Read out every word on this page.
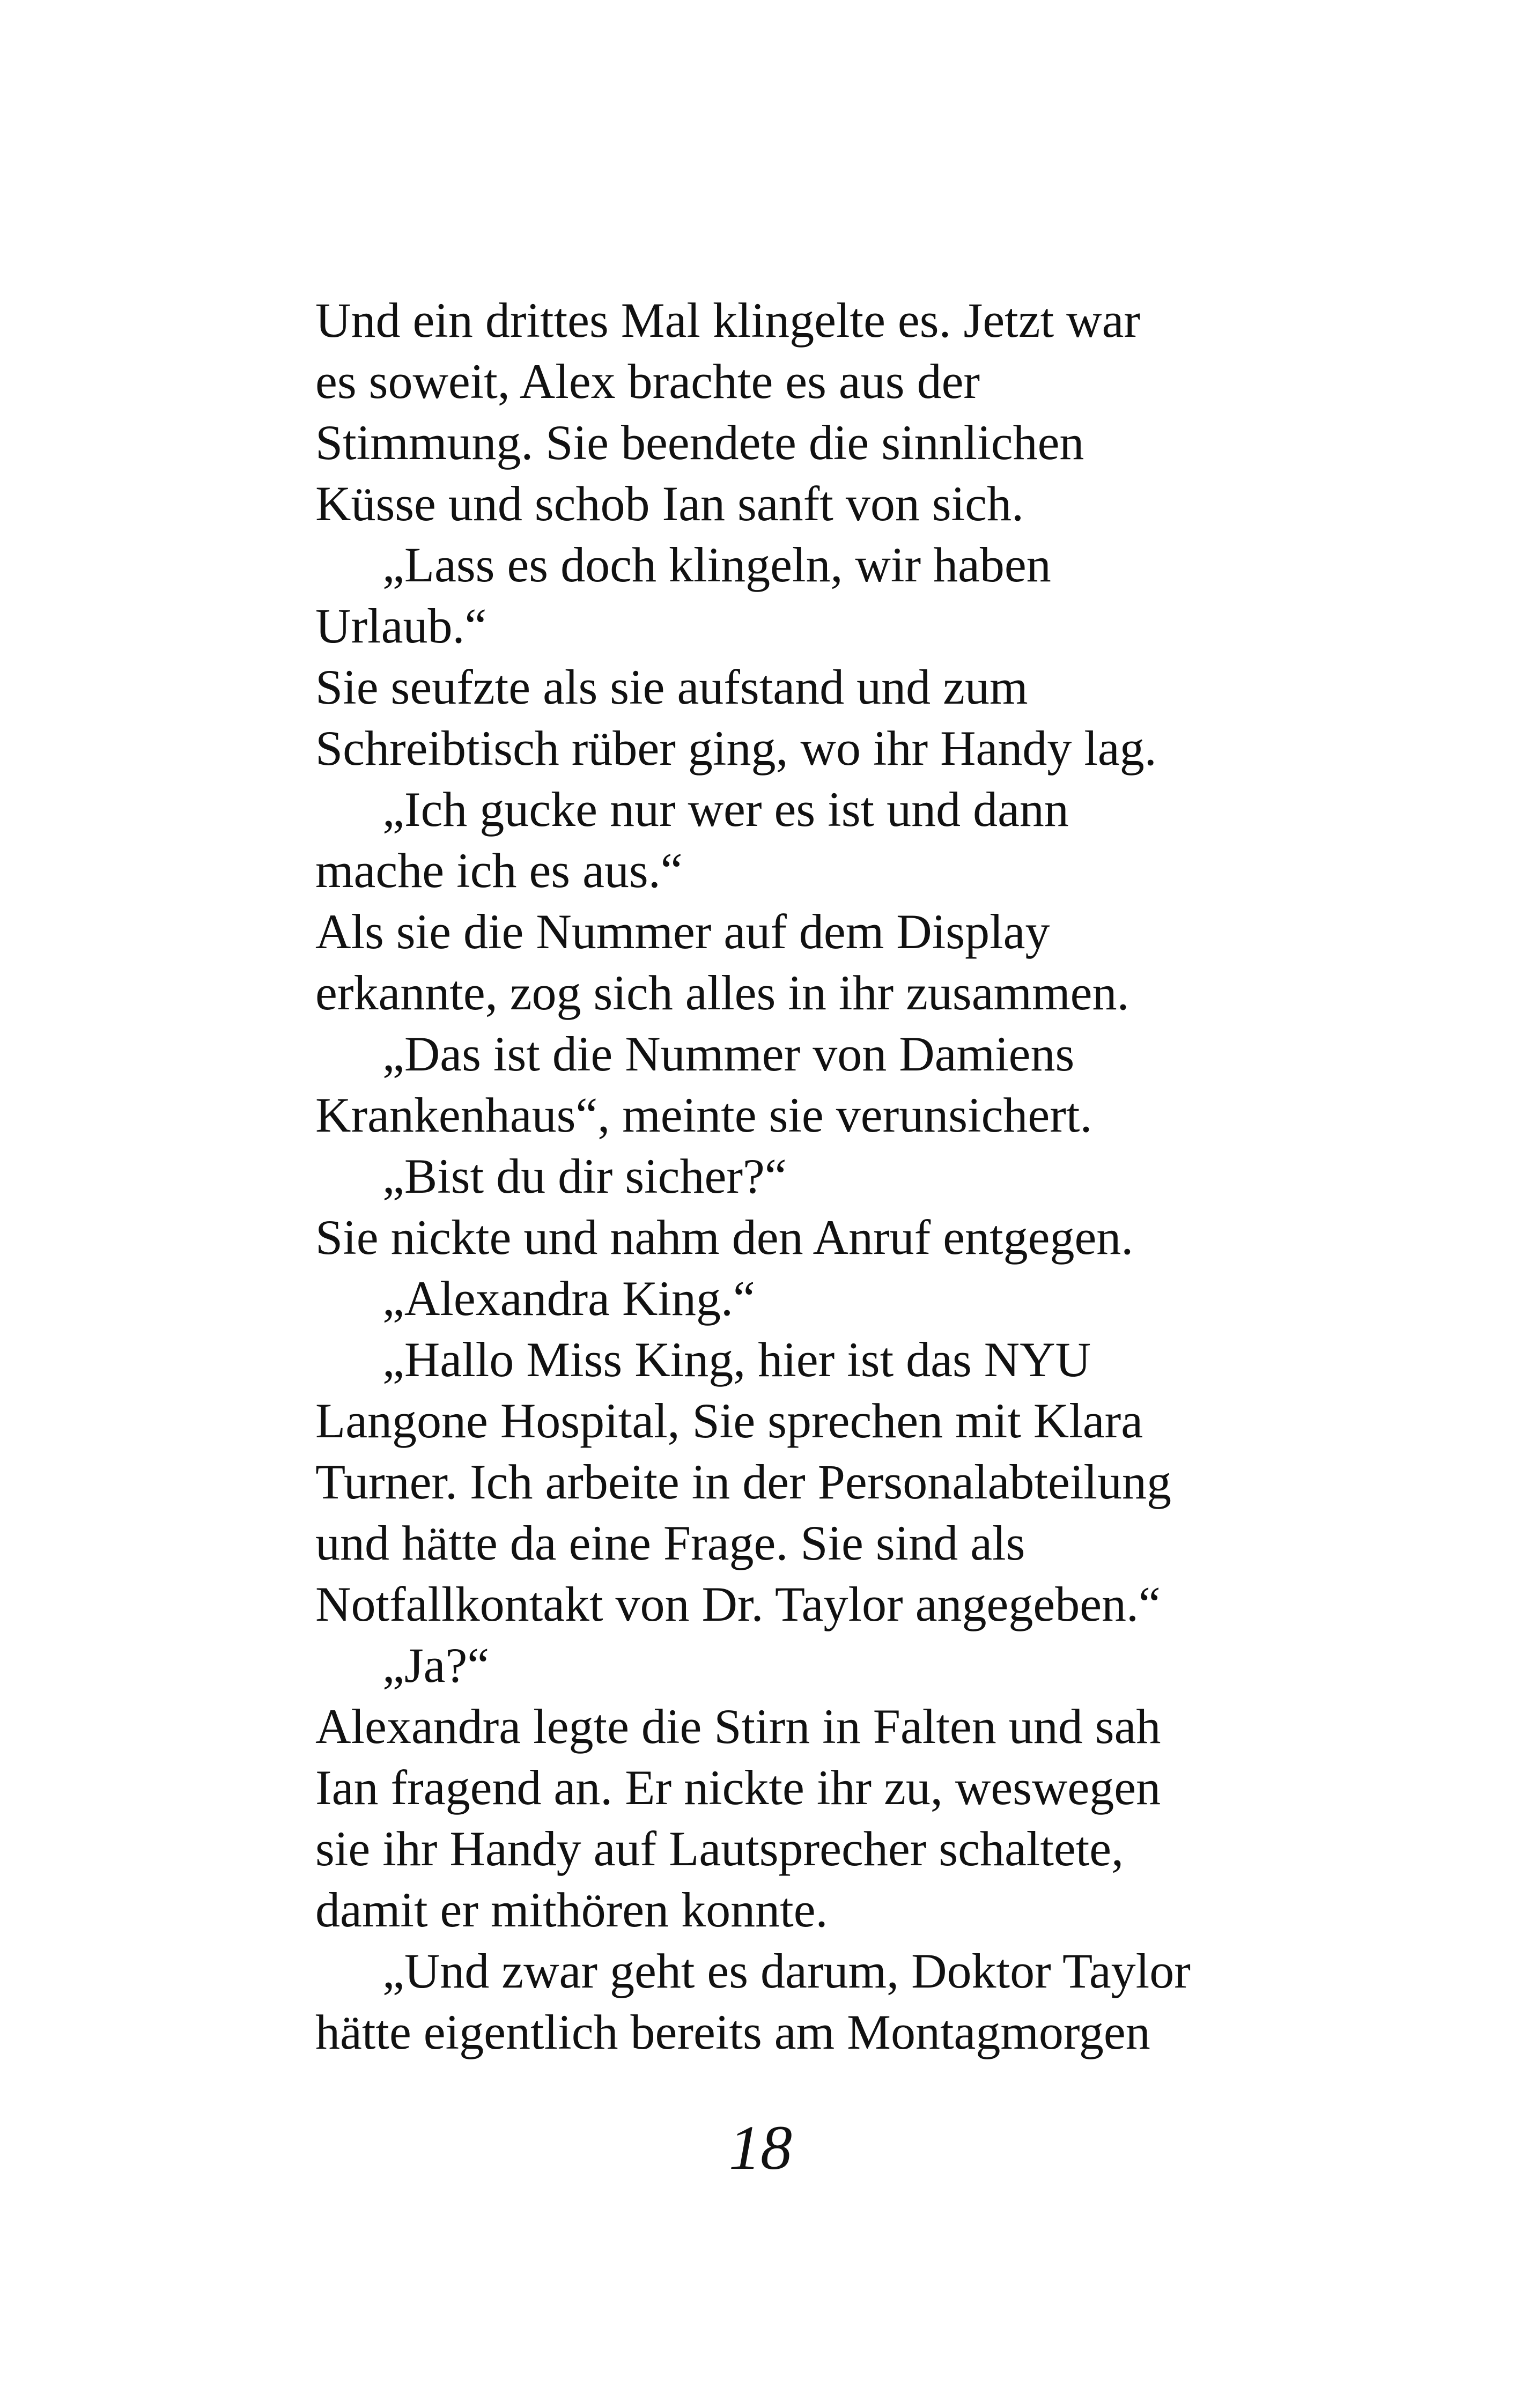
Und ein drittes Mal klingelte es. Jetzt war
es soweit, Alex brachte es aus der
Stimmung. Sie beendete die sinnlichen
Küsse und schob Ian sanft von sich.
„Lass es doch klingeln, wir haben
Urlaub.“
Sie seufzte als sie aufstand und zum
Schreibtisch rüber ging, wo ihr Handy lag.
„Ich gucke nur wer es ist und dann
mache ich es aus.“
Als sie die Nummer auf dem Display
erkannte, zog sich alles in ihr zusammen.
„Das ist die Nummer von Damiens
Krankenhaus“, meinte sie verunsichert.
„Bist du dir sicher?“
Sie nickte und nahm den Anruf entgegen.
„Alexandra King.“
„Hallo Miss King, hier ist das NYU
Langone Hospital, Sie sprechen mit Klara
Turner. Ich arbeite in der Personalabteilung
und hätte da eine Frage. Sie sind als
Notfallkontakt von Dr. Taylor angegeben.“
„Ja?“
Alexandra legte die Stirn in Falten und sah
Ian fragend an. Er nickte ihr zu, weswegen
sie ihr Handy auf Lautsprecher schaltete,
damit er mithören konnte.
„Und zwar geht es darum, Doktor Taylor
hätte eigentlich bereits am Montagmorgen
18
